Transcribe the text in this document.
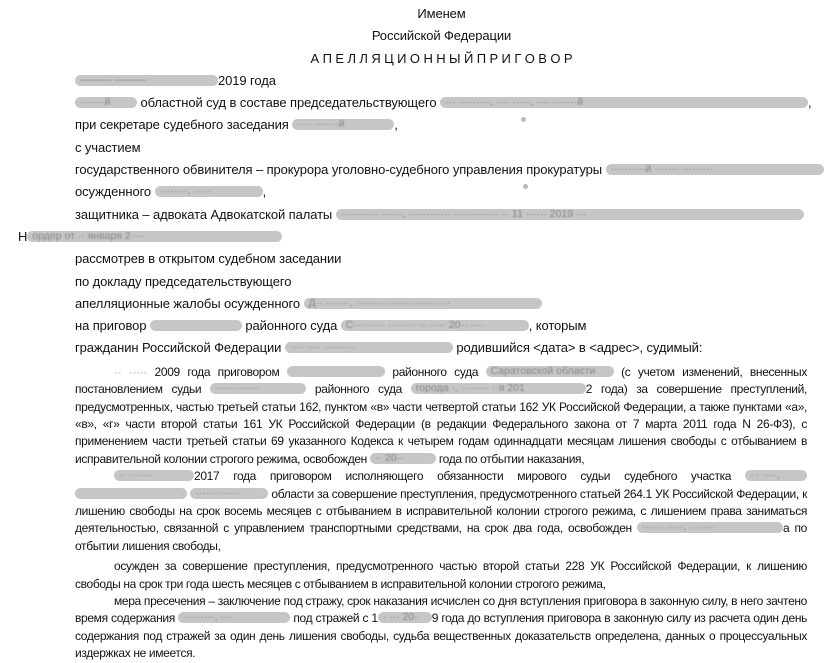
Именем
Российской Федерации
А П Е Л Л Я Ц И О Н Н Ы Й П Р И Г О В О Р
——— ———	2019 года
·······й	областной суд в составе председательствующего ··· ·········, ···· ·····, ···· ·······й	,
при секретаре судебного заседания ···· ·······й	,
с участием
государственного обвинителя – прокурора уголовно-судебного управления прокуратуры ··········й ······· ·········
осужденного ········, ·····	,
защитника – адвоката Адвокатской палаты ··········· ······, ············ ············· ·· 11 ······ 2019 ···
Н ордер от ·· января 2····
рассмотрев в открытом судебном заседании
по докладу председательствующего
апелляционные жалобы осужденного Д·· ·······, ···························
на приговор	районного суда С········· ········ ·· ····· 20·· ····	, которым
гражданин Российской Федерации ···· ···· ·········	родившийся <дата> в <адрес>, судимый:
·· ····· 2009 года приговором	районного суда Саратовской области	(с учетом изменений, внесенных постановлением судьи ·············	районного суда города ·, ········ ··я 201	2 года) за совершение преступлений, предусмотренных, частью третьей статьи 162, пунктом «в» части четвертой статьи 162 УК Российской Федерации, а также пунктами «а», «в», «г» части второй статьи 161 УК Российской Федерации (в редакции Федерального закона от 7 марта 2011 года N 26-ФЗ), с применением части третьей статьи 69 указанного Кодекса к четырем годам одиннадцати месяцам лишения свободы с отбыванием в исправительной колонии строгого режима, освобожден ·· 20··	года по отбытии наказания,
·· ·······	2017 года приговором исполняющего обязанности мирового судьи судебного участка · · ····,

·············	области за совершение преступления, предусмотренного статьей 264.1 УК Российской Федерации, к лишению свободы на срок восемь месяцев с отбыванием в исправительной колонии строгого режима, с лишением права заниматься деятельностью, связанной с управлением транспортными средствами, на срок два года, освобожден ······ ·····, ·······	а по отбытии лишения свободы,
осужден за совершение преступления, предусмотренного частью второй статьи 228 УК Российской Федерации, к лишению свободы на срок три года шесть месяцев с отбыванием в исправительной колонии строгого режима,
мера пресечения – заключение под стражу, срок наказания исчислен со дня вступления приговора в законную силу, в него зачтено время содержания ·········, ···	под стражей с 1 · ··· 20·	9 года до вступления приговора в законную силу из расчета один день содержания под стражей за один день лишения свободы, судьба вещественных доказательств определена, данных о процессуальных издержках не имеется.
